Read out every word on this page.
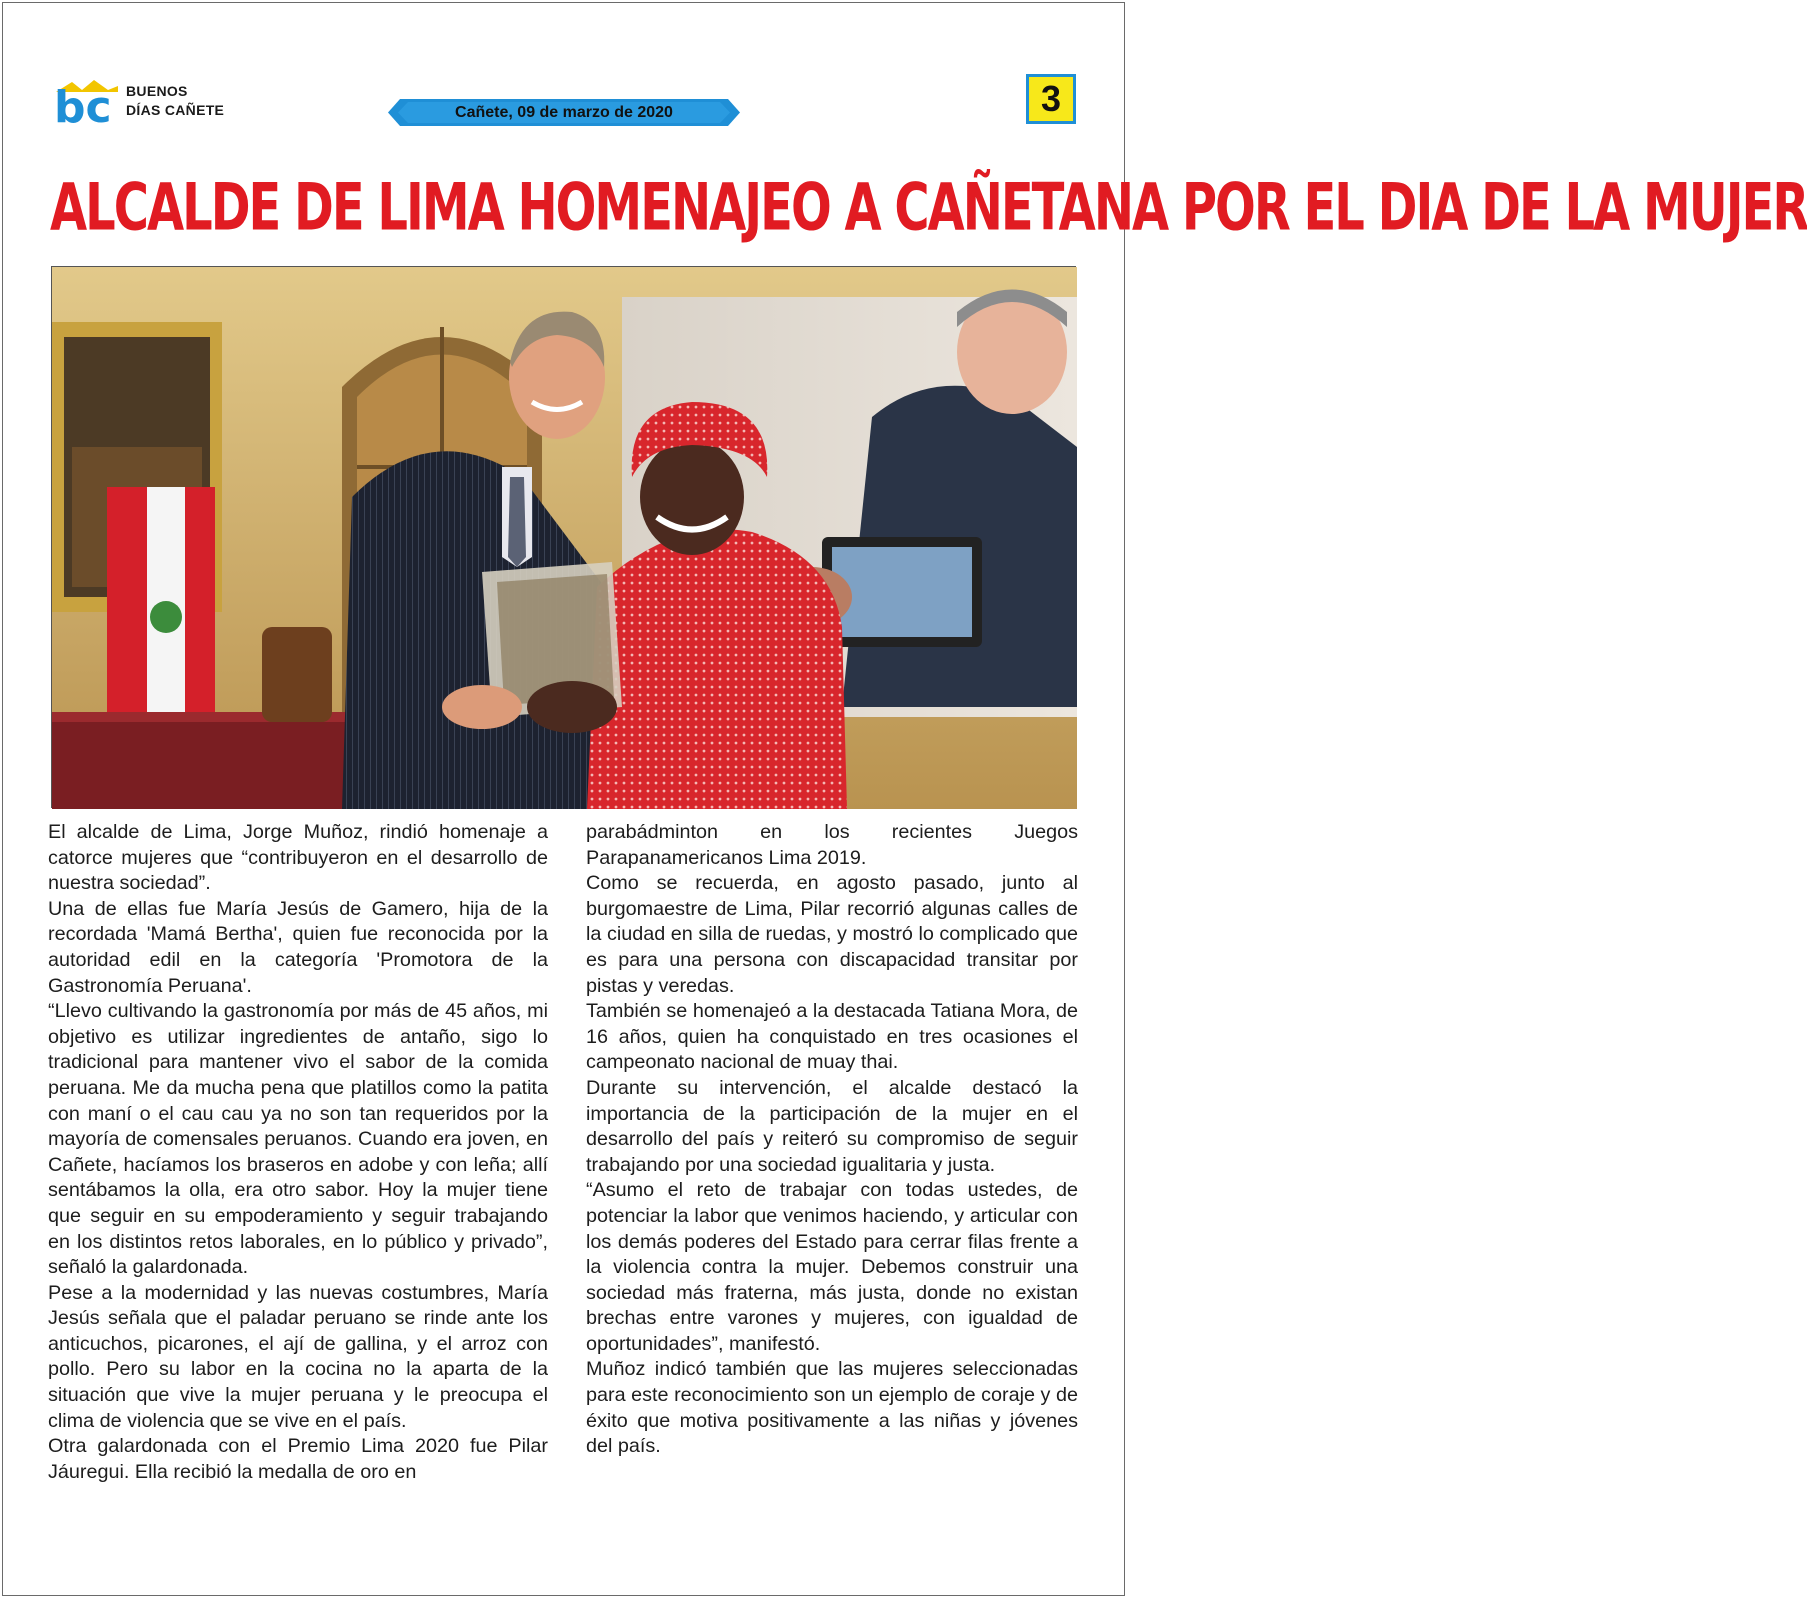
bc BUENOS
DÍAS CAÑETE	Cañete, 09 de marzo de 2020	3
ALCALDE DE LIMA HOMENAJEO A CAÑETANA POR EL DIA DE LA MUJER

El alcalde de Lima, Jorge Muñoz, rindió homenaje a catorce mujeres que “contribuyeron en el desarrollo de nuestra sociedad”.

Una de ellas fue María Jesús de Gamero, hija de la recordada 'Mamá Bertha', quien fue reconocida por la autoridad edil en la categoría 'Promotora de la Gastronomía Peruana'.

“Llevo cultivando la gastronomía por más de 45 años, mi objetivo es utilizar ingredientes de antaño, sigo lo tradicional para mantener vivo el sabor de la comida peruana. Me da mucha pena que platillos como la patita con maní o el cau cau ya no son tan requeridos por la mayoría de comensales peruanos. Cuando era joven, en Cañete, hacíamos los braseros en adobe y con leña; allí sentábamos la olla, era otro sabor. Hoy la mujer tiene que seguir en su empoderamiento y seguir trabajando en los distintos retos laborales, en lo público y privado”, señaló la galardonada.

Pese a la modernidad y las nuevas costumbres, María Jesús señala que el paladar peruano se rinde ante los anticuchos, picarones, el ají de gallina, y el arroz con pollo. Pero su labor en la cocina no la aparta de la situación que vive la mujer peruana y le preocupa el clima de violencia que se vive en el país.

Otra galardonada con el Premio Lima 2020 fue Pilar Jáuregui. Ella recibió la medalla de oro en

parabádminton en los recientes Juegos Parapanamericanos Lima 2019.

Como se recuerda, en agosto pasado, junto al burgomaestre de Lima, Pilar recorrió algunas calles de la ciudad en silla de ruedas, y mostró lo complicado que es para una persona con discapacidad transitar por pistas y veredas.

También se homenajeó a la destacada Tatiana Mora, de 16 años, quien ha conquistado en tres ocasiones el campeonato nacional de muay thai.

Durante su intervención, el alcalde destacó la importancia de la participación de la mujer en el desarrollo del país y reiteró su compromiso de seguir trabajando por una sociedad igualitaria y justa.

“Asumo el reto de trabajar con todas ustedes, de potenciar la labor que venimos haciendo, y articular con los demás poderes del Estado para cerrar filas frente a la violencia contra la mujer. Debemos construir una sociedad más fraterna, más justa, donde no existan brechas entre varones y mujeres, con igualdad de oportunidades”, manifestó.

Muñoz indicó también que las mujeres seleccionadas para este reconocimiento son un ejemplo de coraje y de éxito que motiva positivamente a las niñas y jóvenes del país.
